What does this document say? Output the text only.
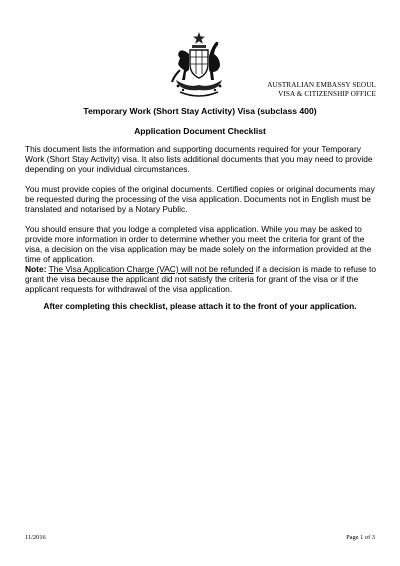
AUSTRALIAN EMBASSY SEOUL
VISA & CITIZENSHIP OFFICE
Temporary Work (Short Stay Activity) Visa (subclass 400)
Application Document Checklist
This document lists the information and supporting documents required for your Temporary Work (Short Stay Activity) visa. It also lists additional documents that you may need to provide depending on your individual circumstances.
You must provide copies of the original documents. Certified copies or original documents may be requested during the processing of the visa application. Documents not in English must be translated and notarised by a Notary Public.
You should ensure that you lodge a completed visa application. While you may be asked to provide more information in order to determine whether you meet the criteria for grant of the visa, a decision on the visa application may be made solely on the information provided at the time of application.
Note: The Visa Application Charge (VAC) will not be refunded if a decision is made to refuse to grant the visa because the applicant did not satisfy the criteria for grant of the visa or if the applicant requests for withdrawal of the visa application.
After completing this checklist, please attach it to the front of your application.
11/2016	Page 1 of 3
